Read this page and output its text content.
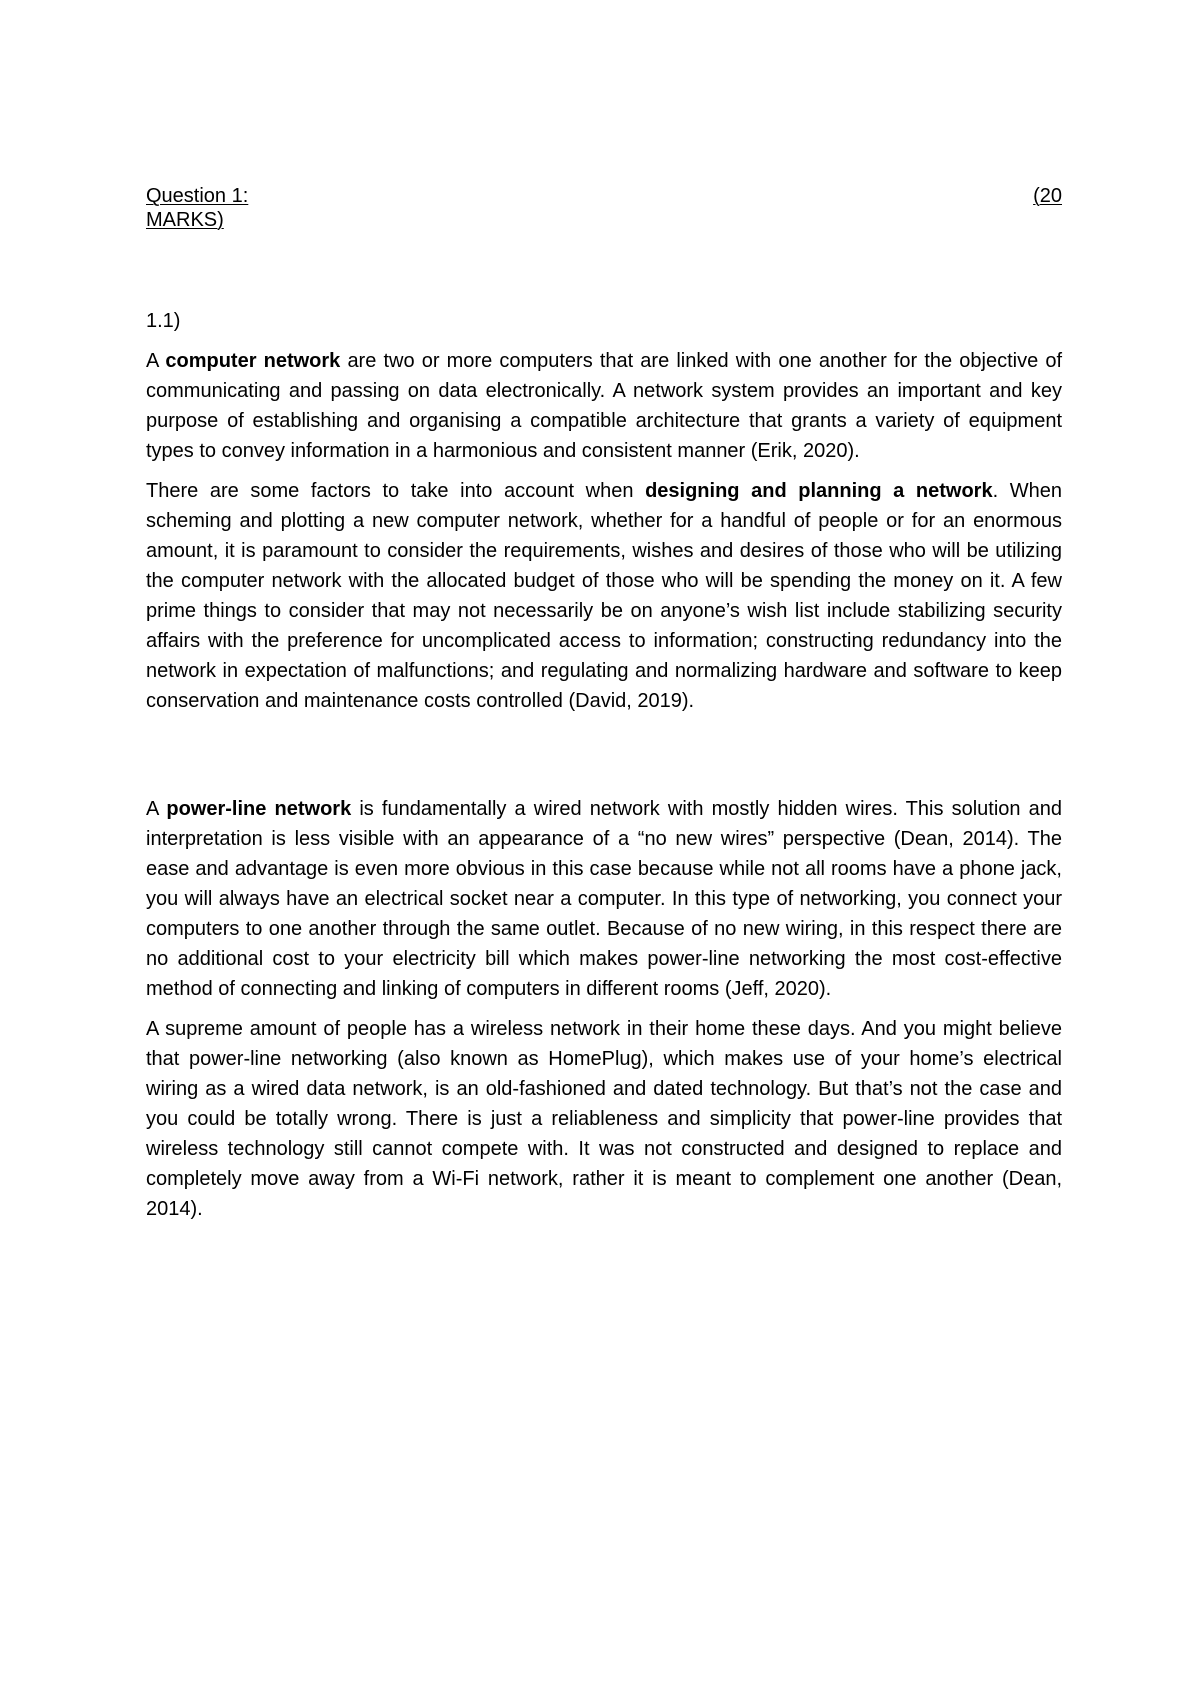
Question 1:	(20
MARKS)
1.1)

A computer network are two or more computers that are linked with one another for the objective of communicating and passing on data electronically. A network system provides an important and key purpose of establishing and organising a compatible architecture that grants a variety of equipment types to convey information in a harmonious and consistent manner (Erik, 2020).

There are some factors to take into account when designing and planning a network. When scheming and plotting a new computer network, whether for a handful of people or for an enormous amount, it is paramount to consider the requirements, wishes and desires of those who will be utilizing the computer network with the allocated budget of those who will be spending the money on it. A few prime things to consider that may not necessarily be on anyone’s wish list include stabilizing security affairs with the preference for uncomplicated access to information; constructing redundancy into the network in expectation of malfunctions; and regulating and normalizing hardware and software to keep conservation and maintenance costs controlled (David, 2019).

A power-line network is fundamentally a wired network with mostly hidden wires. This solution and interpretation is less visible with an appearance of a “no new wires” perspective (Dean, 2014). The ease and advantage is even more obvious in this case because while not all rooms have a phone jack, you will always have an electrical socket near a computer. In this type of networking, you connect your computers to one another through the same outlet. Because of no new wiring, in this respect there are no additional cost to your electricity bill which makes power-line networking the most cost-effective method of connecting and linking of computers in different rooms (Jeff, 2020).

A supreme amount of people has a wireless network in their home these days. And you might believe that power-line networking (also known as HomePlug), which makes use of your home’s electrical wiring as a wired data network, is an old-fashioned and dated technology. But that’s not the case and you could be totally wrong. There is just a reliableness and simplicity that power-line provides that wireless technology still cannot compete with. It was not constructed and designed to replace and completely move away from a Wi-Fi network, rather it is meant to complement one another (Dean, 2014).
